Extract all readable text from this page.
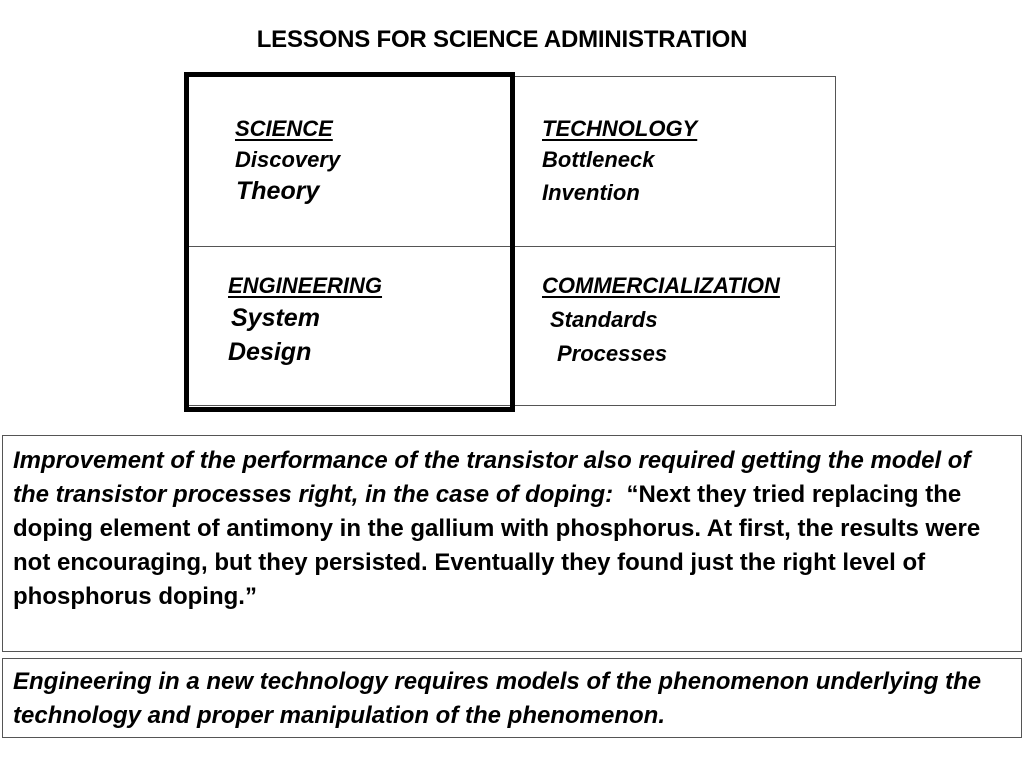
LESSONS FOR SCIENCE ADMINISTRATION
SCIENCE
Discovery
Theory
TECHNOLOGY
Bottleneck
Invention
ENGINEERING
System
Design
COMMERCIALIZATION
Standards
Processes
Improvement of the performance of the transistor also required getting the model of the transistor processes right, in the case of doping: “Next they tried replacing the doping element of antimony in the gallium with phosphorus. At first, the results were not encouraging, but they persisted. Eventually they found just the right level of phosphorus doping.”
Engineering in a new technology requires models of the phenomenon underlying the technology and proper manipulation of the phenomenon.
